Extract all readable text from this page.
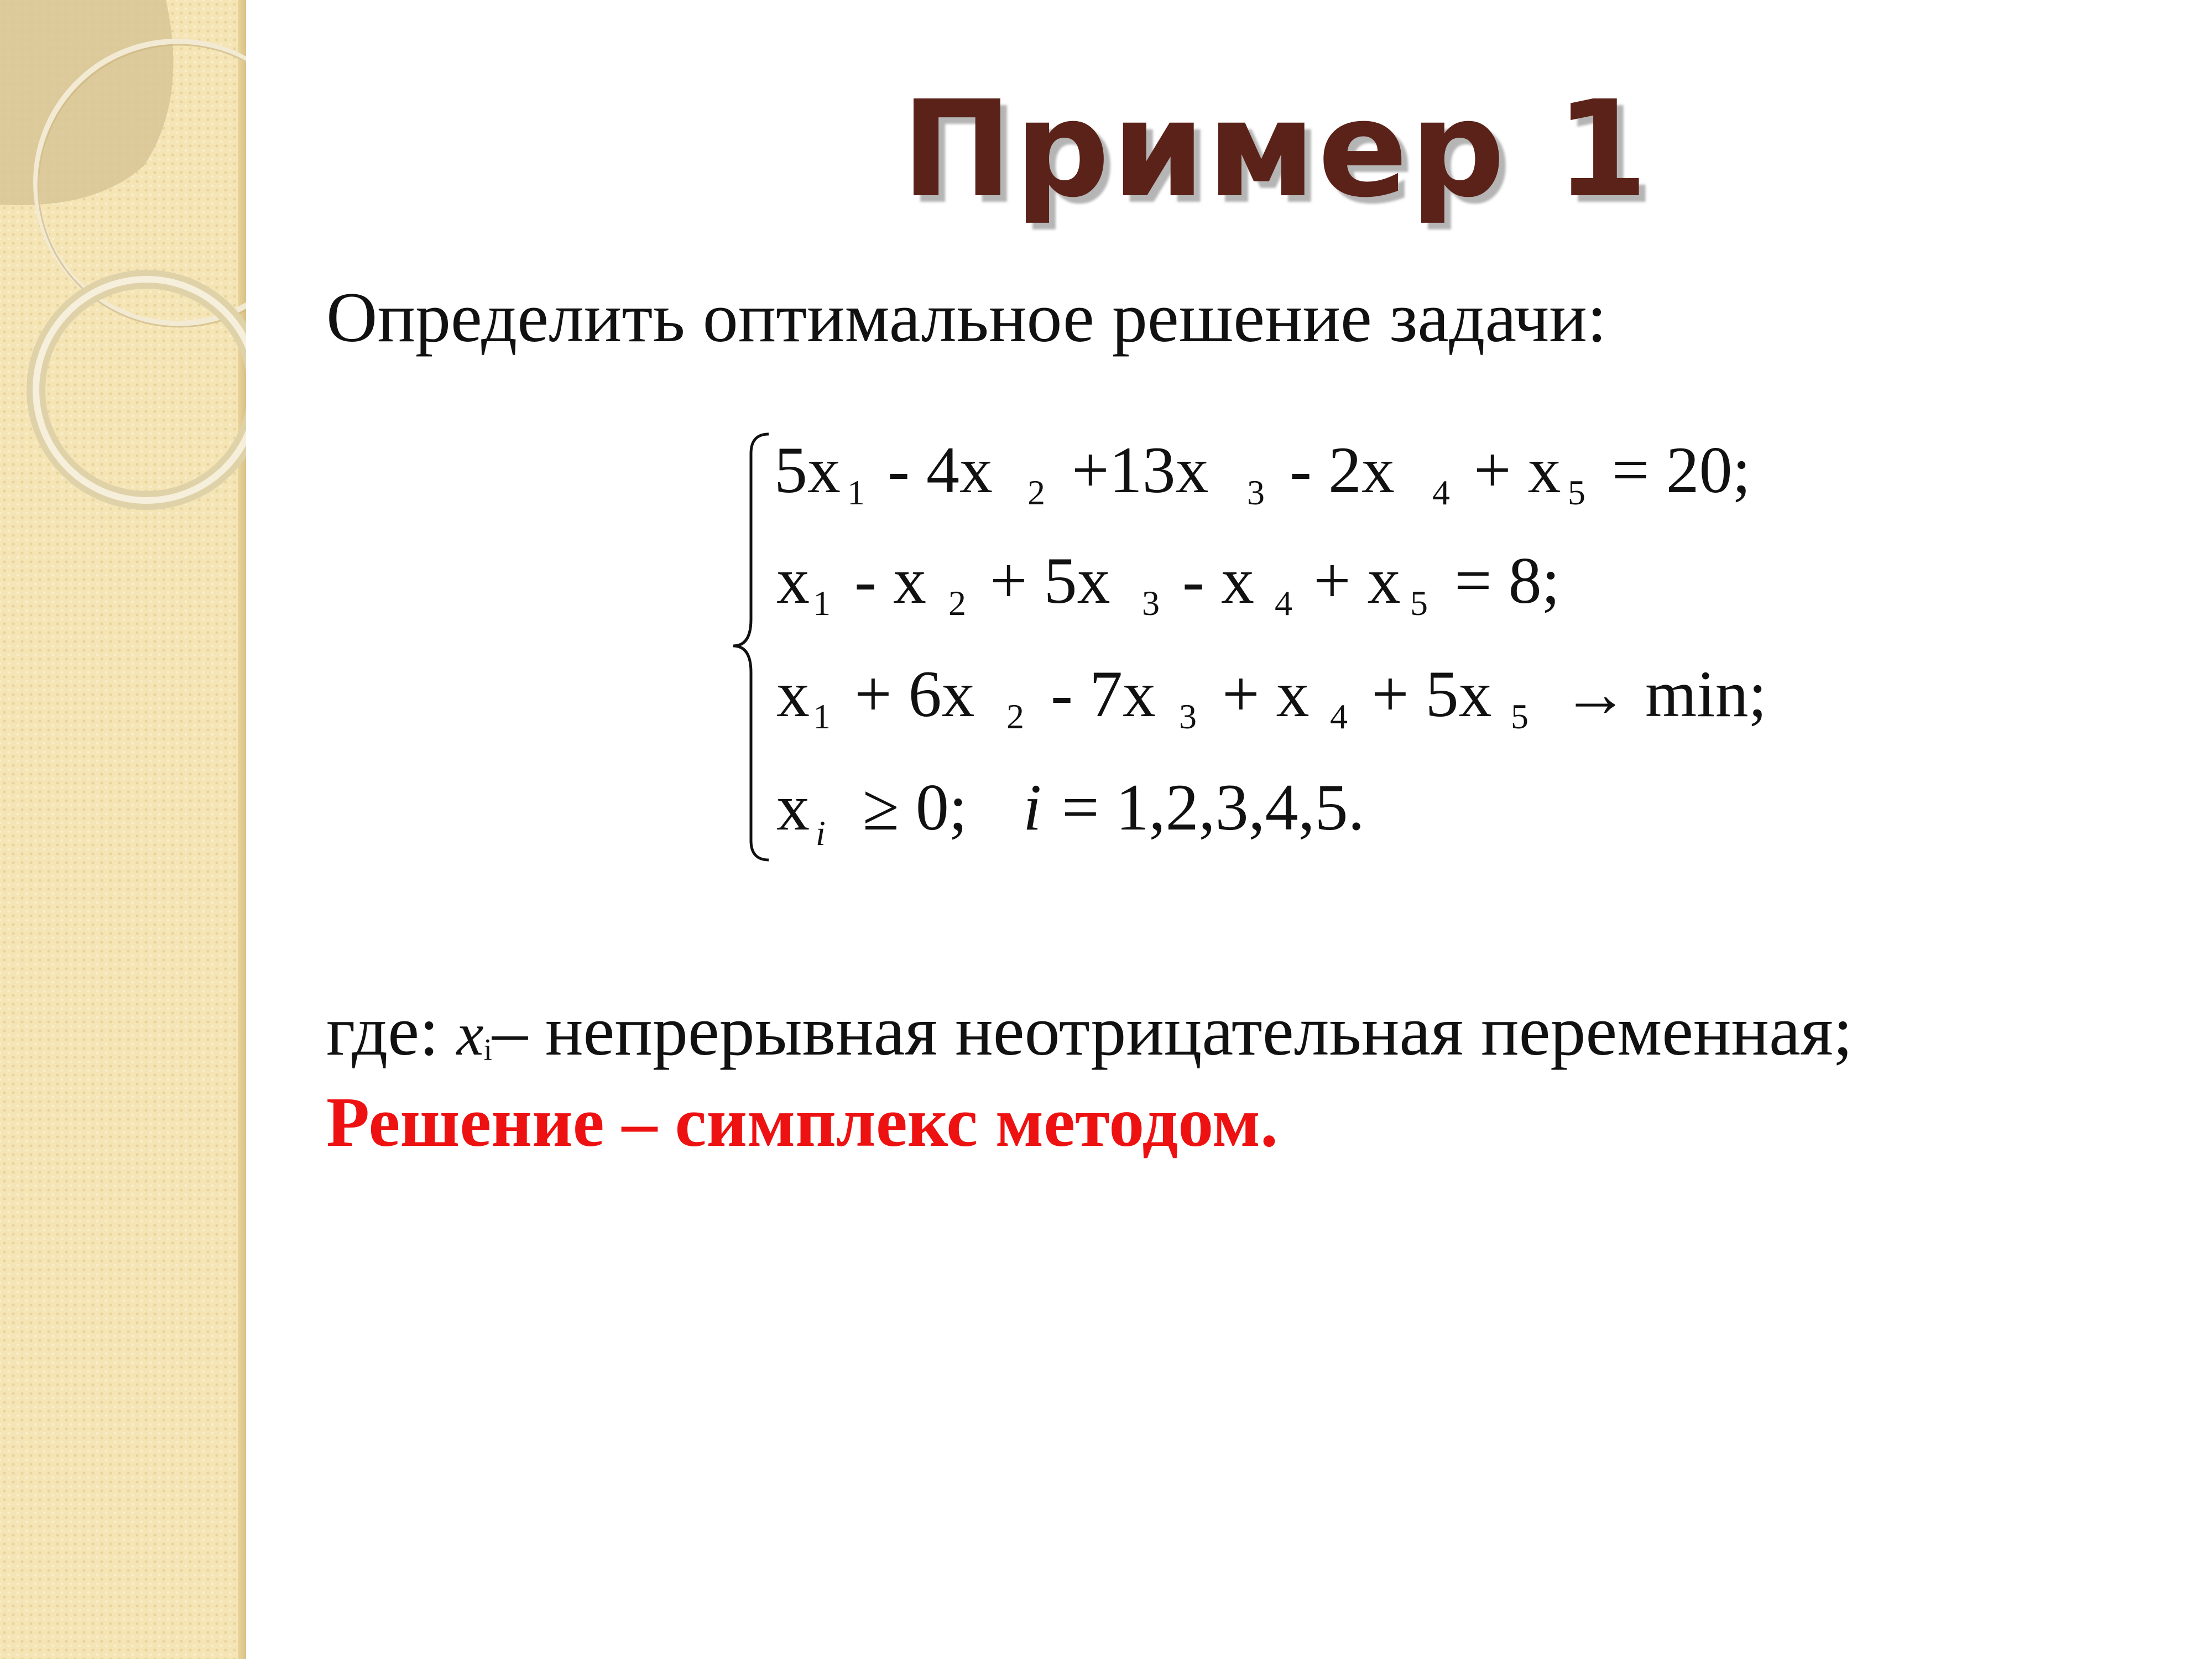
Пример 1
Определить оптимальное решение задачи:
5x 1 - 4x 2 +13x 3 - 2x 4 + x 5 = 20;
x 1 - x 2 + 5x 3 - x 4 + x 5 = 8;
x 1 + 6x 2 - 7x 3 + x 4 + 5x 5 → min;
x i ≥ 0; i = 1,2,3,4,5.
где: $x_i-$ непрерывная неотрицательная переменная;
Решение – симплекс методом.
